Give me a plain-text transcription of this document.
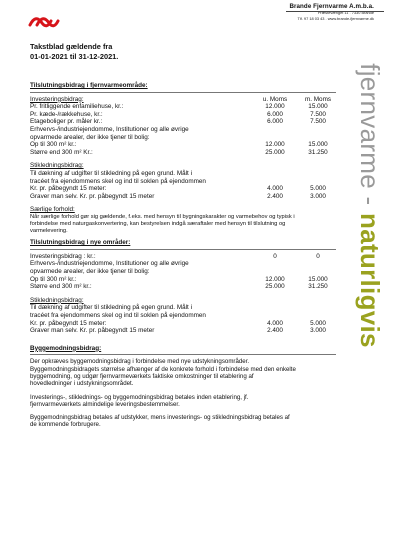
Brande Fjernvarme A.m.b.a.
Præstevænget 11 . 7330 Brande
Tlf. 97 18 03 43 . www.brande-fjernvarme.dk
Takstblad gældende fra
01-01-2021 til 31-12-2021.
fjernvarme - naturligvis
Tilslutningsbidrag i fjernvarmeområde:
Investeringsbidrag:	u. Moms	m. Moms
Pr. fritliggende enfamiliehuse, kr.:	12.000	15.000
Pr. kæde-/rækkehuse, kr.:	6.000	7.500
Etageboliger pr. måler kr.:	6.000	7.500
Erhvervs-/industriejendomme, Institutioner og alle øvrige
opvarmede arealer, der ikke tjener til bolig:
Op til 300 m² kr.:	12.000	15.000
Større end 300 m² Kr.:	25.000	31.250
Stikledningsbidrag:
Til dækning af udgifter til stikledning på egen grund. Målt i
tracéet fra ejendommens skel og ind til soklen på ejendommen
Kr. pr. påbegyndt 15 meter:	4.000	5.000
Graver man selv. Kr. pr. påbegyndt 15 meter	2.400	3.000
Særlige forhold:
Når særlige forhold gør sig gældende, f.eks. med hensyn til bygningskarakter og varmebehov og typisk i
forbindelse med naturgaskonvertering, kan bestyrelsen indgå særaftaler med hensyn til tilslutning og
varmelevering.
Tilslutningsbidrag i nye områder:
Investeringsbidrag : kr.:	0	0
Erhvervs-/industriejendomme, Institutioner og alle øvrige
opvarmede arealer, der ikke tjener til bolig:
Op til 300 m² kr.:	12.000	15.000
Større end 300 m² kr.:	25.000	31.250
Stikledningsbidrag:
Til dækning af udgifter til stikledning på egen grund. Målt i
tracéet fra ejendommens skel og ind til soklen på ejendommen
Kr. pr. påbegyndt 15 meter:	4.000	5.000
Graver man selv. Kr. pr. påbegyndt 15 meter	2.400	3.000
Byggemodningsbidrag:
Der opkræves byggemodningsbidrag i forbindelse med nye udstykningsområder.
Byggemodningsbidragets størrelse afhænger af de konkrete forhold i forbindelse med den enkelte
byggemodning, og udgør fjernvarmeværkets faktiske omkostninger til etablering af
hovedledninger i udstykningsområdet.
Investerings-, stiklednings- og byggemodningsbidrag betales inden etablering, jf.
fjernvarmeværkets almindelige leveringsbestemmelser.
Byggemodningsbidrag betales af udstykker, mens investerings- og stikledningsbidrag betales af
de kommende forbrugere.
